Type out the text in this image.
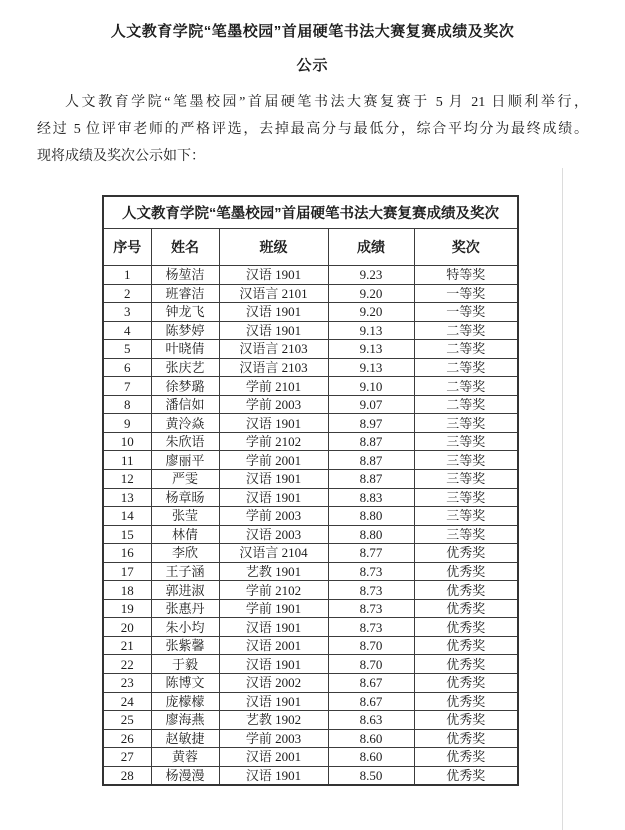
人文教育学院“笔墨校园”首届硬笔书法大赛复赛成绩及奖次
公示
人文教育学院“笔墨校园”首届硬笔书法大赛复赛于 5 月 21 日顺利举行，
经过 5 位评审老师的严格评选，去掉最高分与最低分，综合平均分为最终成绩。
现将成绩及奖次公示如下：
人文教育学院“笔墨校园”首届硬笔书法大赛复赛成绩及奖次				
序号	姓名	班级	成绩	奖次
1	杨堃洁	汉语 1901	9.23	特等奖
2	班睿洁	汉语言 2101	9.20	一等奖
3	钟龙飞	汉语 1901	9.20	一等奖
4	陈梦婷	汉语 1901	9.13	二等奖
5	叶晓倩	汉语言 2103	9.13	二等奖
6	张庆艺	汉语言 2103	9.13	二等奖
7	徐梦璐	学前 2101	9.10	二等奖
8	潘信如	学前 2003	9.07	二等奖
9	黄泠焱	汉语 1901	8.97	三等奖
10	朱欣语	学前 2102	8.87	三等奖
11	廖丽平	学前 2001	8.87	三等奖
12	严雯	汉语 1901	8.87	三等奖
13	杨章旸	汉语 1901	8.83	三等奖
14	张莹	学前 2003	8.80	三等奖
15	林倩	汉语 2003	8.80	三等奖
16	李欣	汉语言 2104	8.77	优秀奖
17	王子涵	艺教 1901	8.73	优秀奖
18	郭进淑	学前 2102	8.73	优秀奖
19	张惠丹	学前 1901	8.73	优秀奖
20	朱小均	汉语 1901	8.73	优秀奖
21	张紫馨	汉语 2001	8.70	优秀奖
22	于毅	汉语 1901	8.70	优秀奖
23	陈博文	汉语 2002	8.67	优秀奖
24	庞檬檬	汉语 1901	8.67	优秀奖
25	廖海燕	艺教 1902	8.63	优秀奖
26	赵敏捷	学前 2003	8.60	优秀奖
27	黄蓉	汉语 2001	8.60	优秀奖
28	杨漫漫	汉语 1901	8.50	优秀奖
